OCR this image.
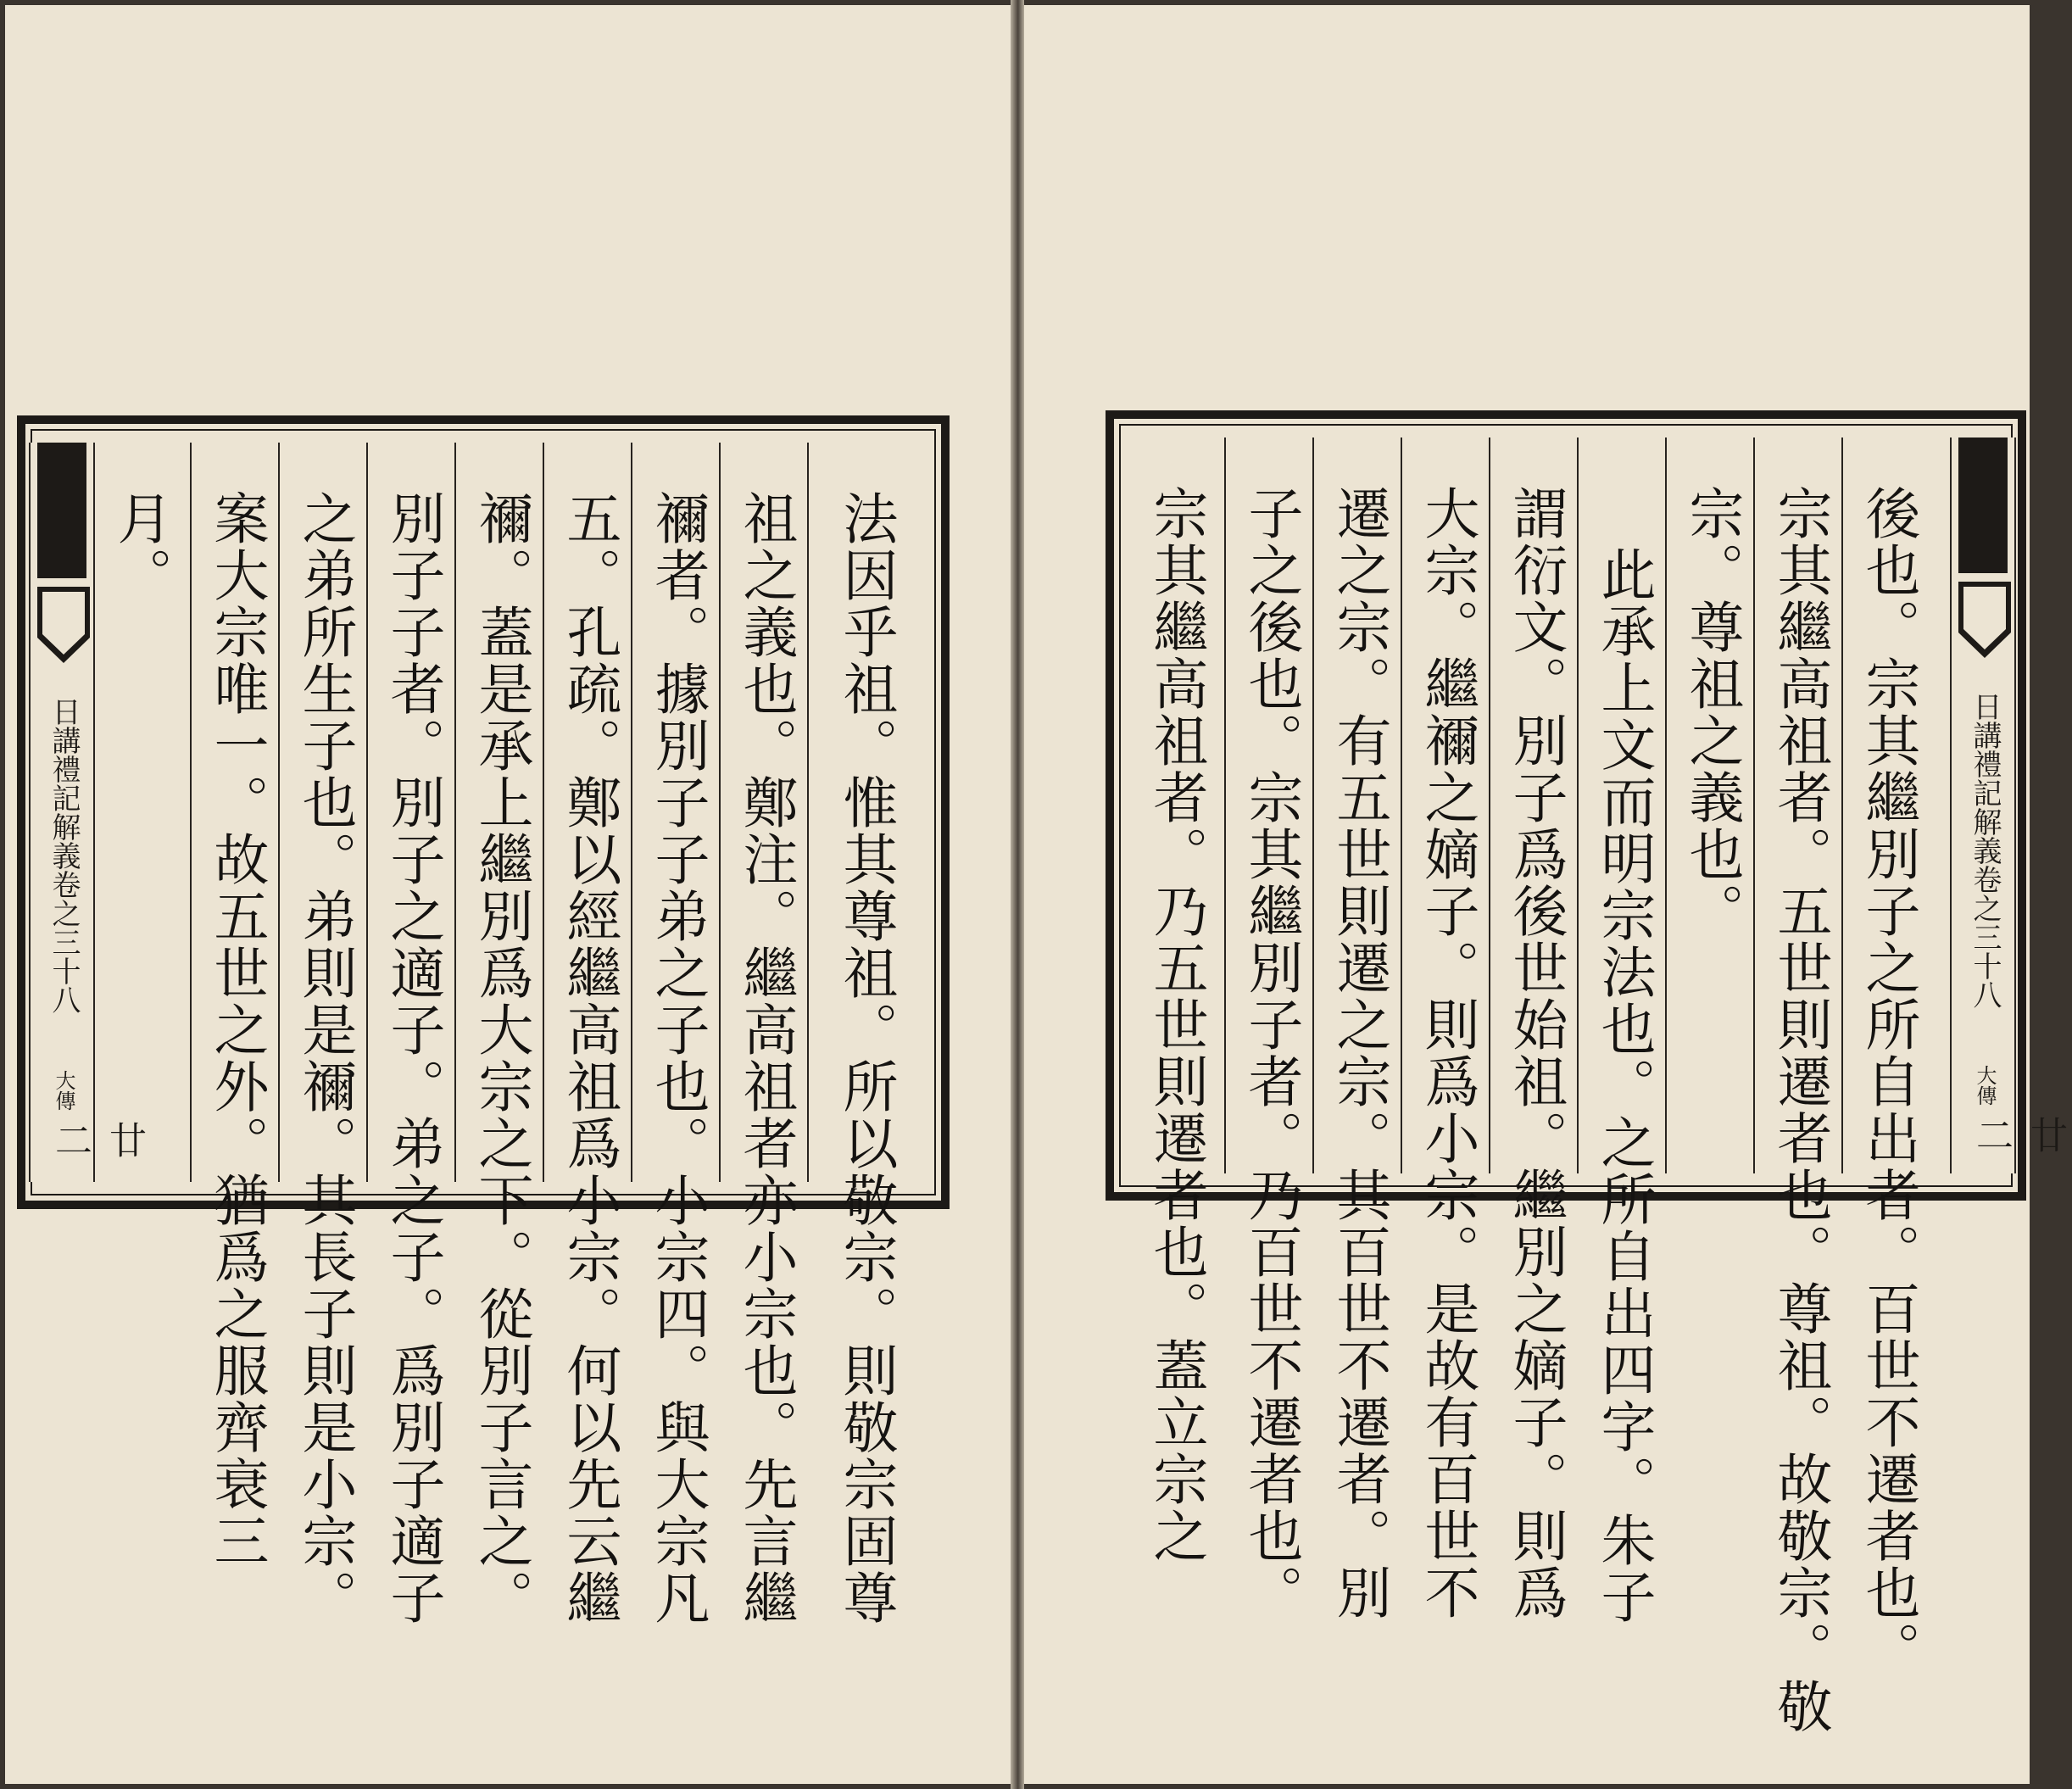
日講禮記解義卷之三十八
大傳
廿二
月。 案大宗唯一。故五世之外。猶爲之服齊衰三 之弟所生子也。弟則是禰。其長子則是小宗。 別子子者。別子之適子。弟之子。爲別子適子 禰。蓋是承上繼別爲大宗之下。從別子言之。 五。孔疏。鄭以經繼高祖爲小宗。何以先云繼 禰者。據別子子弟之子也。小宗四。與大宗凡 祖之義也。鄭注。繼高祖者亦小宗也。先言繼 法因乎祖。惟其尊祖。所以敬宗。則敬宗固尊	宗其繼高祖者。乃五世則遷者也。蓋立宗之 子之後也。宗其繼別子者。乃百世不遷者也。 遷之宗。有五世則遷之宗。其百世不遷者。別 大宗。繼禰之嫡子。則爲小宗。是故有百世不 謂衍文。別子爲後世始祖。繼別之嫡子。則爲 此承上文而明宗法也。之所自出四字。朱子 宗。尊祖之義也。 宗其繼高祖者。五世則遷者也。尊祖。故敬宗。敬 後也。宗其繼別子之所自出者。百世不遷者也。 日講禮記解義卷之三十八
大傳
廿二
